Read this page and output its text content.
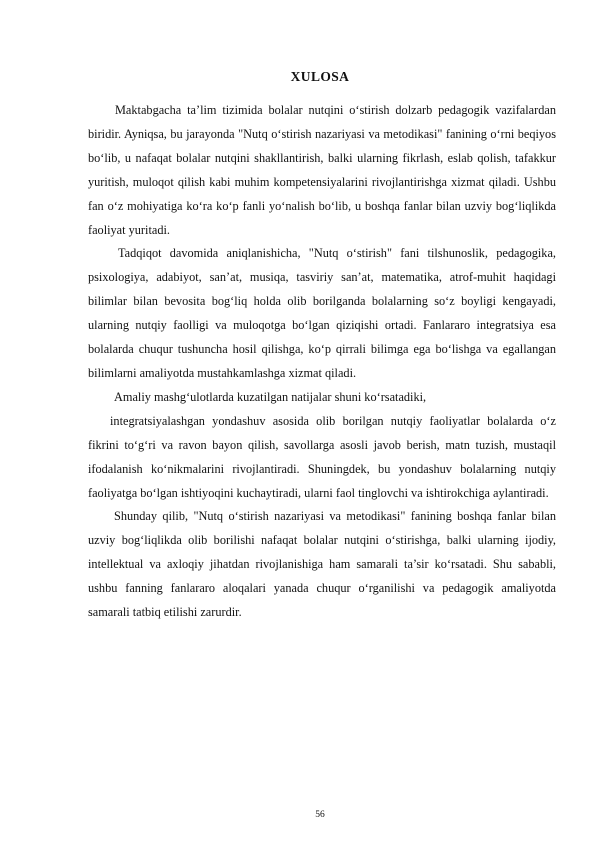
XULOSA

Maktabgacha ta’lim tizimida bolalar nutqini o‘stirish dolzarb pedagogik vazifalardan biridir. Ayniqsa, bu jarayonda "Nutq o‘stirish nazariyasi va metodikasi" fanining o‘rni beqiyos bo‘lib, u nafaqat bolalar nutqini shakllantirish, balki ularning fikrlash, eslab qolish, tafakkur yuritish, muloqot qilish kabi muhim kompetensiyalarini rivojlantirishga xizmat qiladi. Ushbu fan o‘z mohiyatiga ko‘ra ko‘p fanli yo‘nalish bo‘lib, u boshqa fanlar bilan uzviy bog‘liqlikda faoliyat yuritadi.

Tadqiqot davomida aniqlanishicha, "Nutq o‘stirish" fani tilshunoslik, pedagogika, psixologiya, adabiyot, san’at, musiqa, tasviriy san’at, matematika, atrof-muhit haqidagi bilimlar bilan bevosita bog‘liq holda olib borilganda bolalarning so‘z boyligi kengayadi, ularning nutqiy faolligi va muloqotga bo‘lgan qiziqishi ortadi. Fanlararo integratsiya esa bolalarda chuqur tushuncha hosil qilishga, ko‘p qirrali bilimga ega bo‘lishga va egallangan bilimlarni amaliyotda mustahkamlashga xizmat qiladi.

Amaliy mashg‘ulotlarda kuzatilgan natijalar shuni ko‘rsatadiki,

integratsiyalashgan yondashuv asosida olib borilgan nutqiy faoliyatlar bolalarda o‘z fikrini to‘g‘ri va ravon bayon qilish, savollarga asosli javob berish, matn tuzish, mustaqil ifodalanish ko‘nikmalarini rivojlantiradi. Shuningdek, bu yondashuv bolalarning nutqiy faoliyatga bo‘lgan ishtiyoqini kuchaytiradi, ularni faol tinglovchi va ishtirokchiga aylantiradi.

Shunday qilib, "Nutq o‘stirish nazariyasi va metodikasi" fanining boshqa fanlar bilan uzviy bog‘liqlikda olib borilishi nafaqat bolalar nutqini o‘stirishga, balki ularning ijodiy, intellektual va axloqiy jihatdan rivojlanishiga ham samarali ta’sir ko‘rsatadi. Shu sababli, ushbu fanning fanlararo aloqalari yanada chuqur o‘rganilishi va pedagogik amaliyotda samarali tatbiq etilishi zarurdir.

56
